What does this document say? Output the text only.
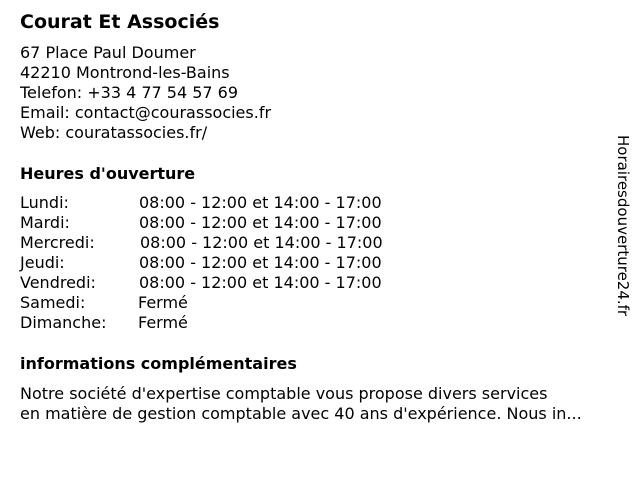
Courat Et Associés
67 Place Paul Doumer
42210 Montrond-les-Bains
Telefon: +33 4 77 54 57 69
Email: contact@courassocies.fr
Web: couratassocies.fr/
Heures d'ouverture
Lundi:	08:00 - 12:00 et 14:00 - 17:00
Mardi:	08:00 - 12:00 et 14:00 - 17:00
Mercredi:	08:00 - 12:00 et 14:00 - 17:00
Jeudi:	08:00 - 12:00 et 14:00 - 17:00
Vendredi:	08:00 - 12:00 et 14:00 - 17:00
Samedi:	Fermé
Dimanche: Fermé
informations complémentaires
Notre société d'expertise comptable vous propose divers services
en matière de gestion comptable avec 40 ans d'expérience. Nous in...
Horairesdouverture24.fr
